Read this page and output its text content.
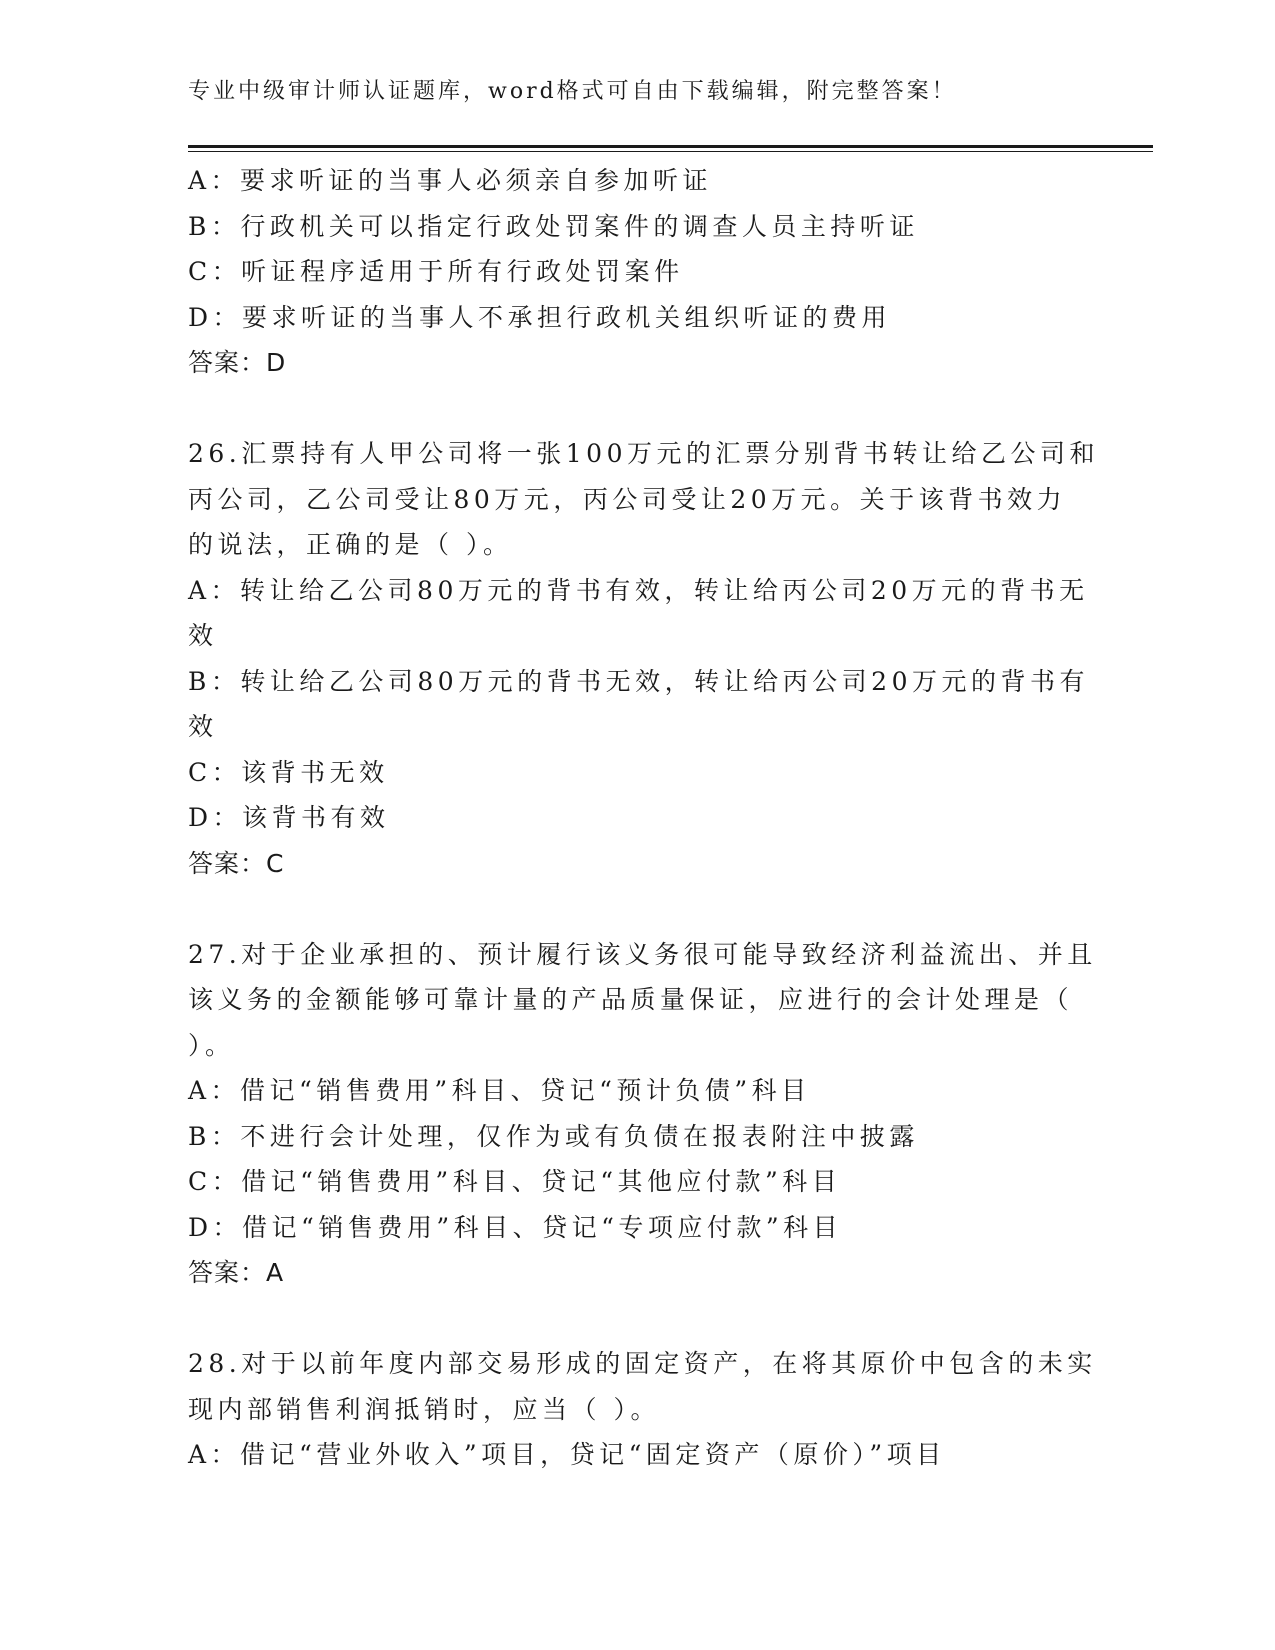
专业中级审计师认证题库，word格式可自由下载编辑，附完整答案！
A：要求听证的当事人必须亲自参加听证
B：行政机关可以指定行政处罚案件的调查人员主持听证
C：听证程序适用于所有行政处罚案件
D：要求听证的当事人不承担行政机关组织听证的费用
答案：D
26.汇票持有人甲公司将一张100万元的汇票分别背书转让给乙公司和
丙公司，乙公司受让80万元，丙公司受让20万元。关于该背书效力
的说法，正确的是（ ）。
A：转让给乙公司80万元的背书有效，转让给丙公司20万元的背书无
效
B：转让给乙公司80万元的背书无效，转让给丙公司20万元的背书有
效
C：该背书无效
D：该背书有效
答案：C
27.对于企业承担的、预计履行该义务很可能导致经济利益流出、并且
该义务的金额能够可靠计量的产品质量保证，应进行的会计处理是（
）。
A：借记“销售费用”科目、贷记“预计负债”科目
B：不进行会计处理，仅作为或有负债在报表附注中披露
C：借记“销售费用”科目、贷记“其他应付款”科目
D：借记“销售费用”科目、贷记“专项应付款”科目
答案：A
28.对于以前年度内部交易形成的固定资产，在将其原价中包含的未实
现内部销售利润抵销时，应当（ ）。
A：借记“营业外收入”项目，贷记“固定资产（原价）”项目
